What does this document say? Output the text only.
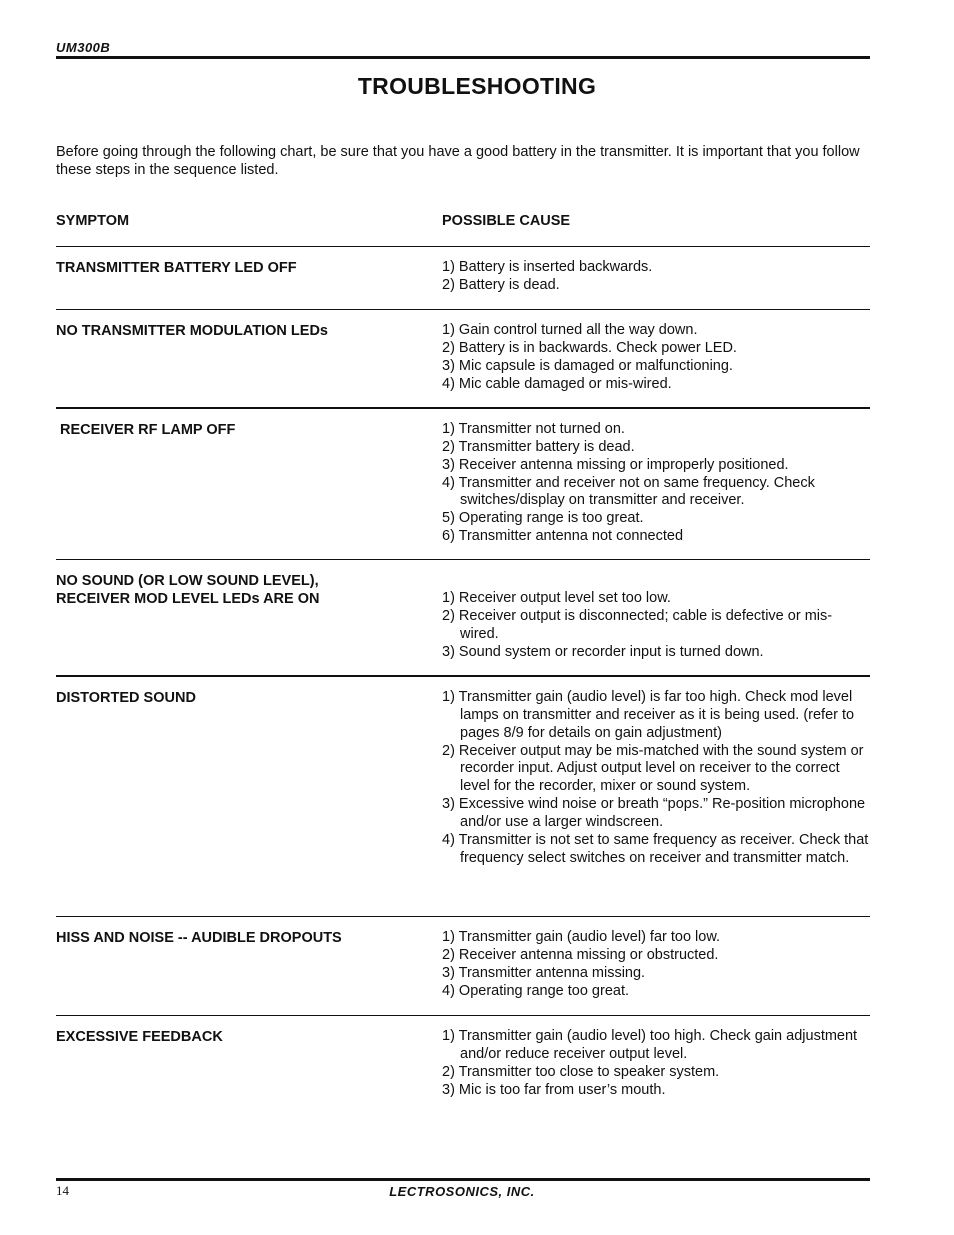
UM300B
TROUBLESHOOTING
Before going through the following chart, be sure that you have a good battery in the transmitter. It is important that you follow these steps in the sequence listed.
SYMPTOM	POSSIBLE CAUSE
TRANSMITTER BATTERY LED OFF	1) Battery is inserted backwards.
2) Battery is dead.
NO TRANSMITTER MODULATION LEDs	1) Gain control turned all the way down.
2) Battery is in backwards. Check power LED.
3) Mic capsule is damaged or malfunctioning.
4) Mic cable damaged or mis-wired.
RECEIVER RF LAMP OFF	1) Transmitter not turned on.
2) Transmitter battery is dead.
3) Receiver antenna missing or improperly positioned.
4) Transmitter and receiver not on same frequency. Check switches/display on transmitter and receiver.
5) Operating range is too great.
6) Transmitter antenna not connected
NO SOUND (OR LOW SOUND LEVEL), RECEIVER MOD LEVEL LEDs ARE ON	1) Receiver output level set too low.
2) Receiver output is disconnected; cable is defective or mis-wired.
3) Sound system or recorder input is turned down.
DISTORTED SOUND	1) Transmitter gain (audio level) is far too high. Check mod level lamps on transmitter and receiver as it is being used. (refer to pages 8/9 for details on gain adjustment)
2) Receiver output may be mis-matched with the sound system or recorder input. Adjust output level on receiver to the correct level for the recorder, mixer or sound system.
3) Excessive wind noise or breath “pops.” Re-position microphone and/or use a larger windscreen.
4) Transmitter is not set to same frequency as receiver. Check that frequency select switches on receiver and transmitter match.
HISS AND NOISE -- AUDIBLE DROPOUTS	1) Transmitter gain (audio level) far too low.
2) Receiver antenna missing or obstructed.
3) Transmitter antenna missing.
4) Operating range too great.
EXCESSIVE FEEDBACK	1) Transmitter gain (audio level) too high. Check gain adjustment and/or reduce receiver output level.
2) Transmitter too close to speaker system.
3) Mic is too far from user’s mouth.
14	LECTROSONICS, INC.
